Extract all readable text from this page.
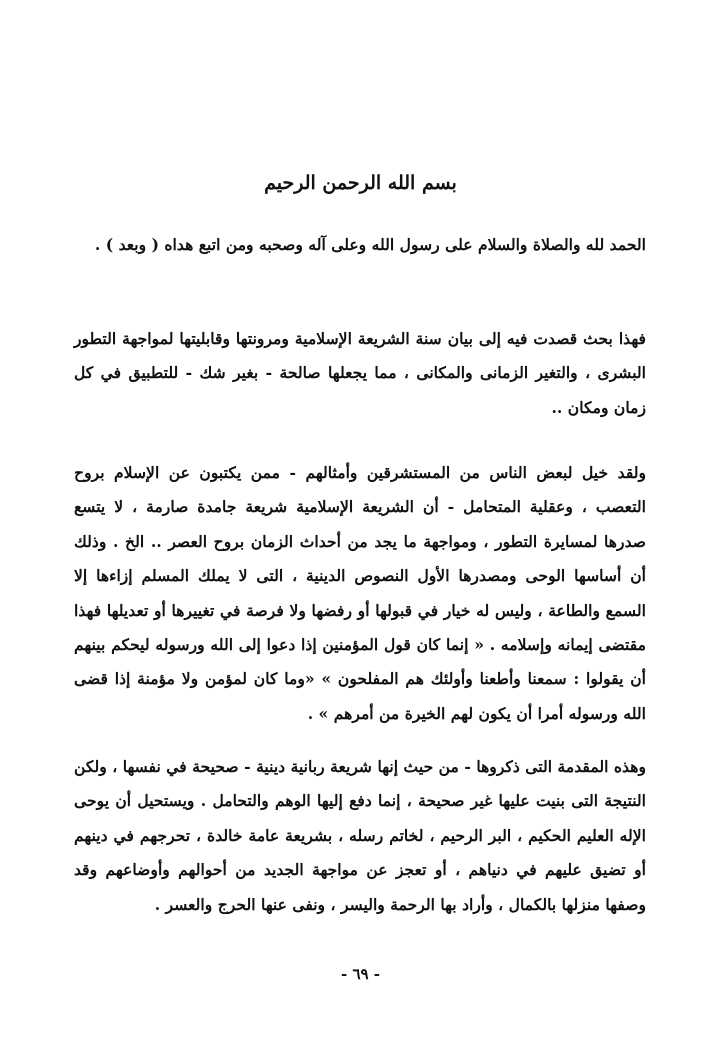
بسم الله الرحمن الرحيم

الحمد لله والصلاة والسلام على رسول الله وعلى آله وصحبه ومن اتبع هداه ( وبعد ) .

فهذا بحث قصدت فيه إلى بيان سنة الشريعة الإسلامية ومرونتها وقابليتها لمواجهة التطور البشرى ، والتغير الزمانى والمكانى ، مما يجعلها صالحة - بغير شك - للتطبيق في كل زمان ومكان ..

ولقد خيل لبعض الناس من المستشرقين وأمثالهم - ممن يكتبون عن الإسلام بروح التعصب ، وعقلية المتحامل - أن الشريعة الإسلامية شريعة جامدة صارمة ، لا يتسع صدرها لمسايرة التطور ، ومواجهة ما يجد من أحداث الزمان بروح العصر .. الخ . وذلك أن أساسها الوحى ومصدرها الأول النصوص الدينية ، التى لا يملك المسلم إزاءها إلا السمع والطاعة ، وليس له خيار في قبولها أو رفضها ولا فرصة في تغييرها أو تعديلها فهذا مقتضى إيمانه وإسلامه . « إنما كان قول المؤمنين إذا دعوا إلى الله ورسوله ليحكم بينهم أن يقولوا : سمعنا وأطعنا وأولئك هم المفلحون » «وما كان لمؤمن ولا مؤمنة إذا قضى الله ورسوله أمرا أن يكون لهم الخيرة من أمرهم » .

وهذه المقدمة التى ذكروها - من حيث إنها شريعة ربانية دينية - صحيحة في نفسها ، ولكن النتيجة التى بنيت عليها غير صحيحة ، إنما دفع إليها الوهم والتحامل . ويستحيل أن يوحى الإله العليم الحكيم ، البر الرحيم ، لخاتم رسله ، بشريعة عامة خالدة ، تحرجهم في دينهم أو تضيق عليهم في دنياهم ، أو تعجز عن مواجهة الجديد من أحوالهم وأوضاعهم وقد وصفها منزلها بالكمال ، وأراد بها الرحمة واليسر ، ونفى عنها الحرج والعسر .

- ٦٩ -
